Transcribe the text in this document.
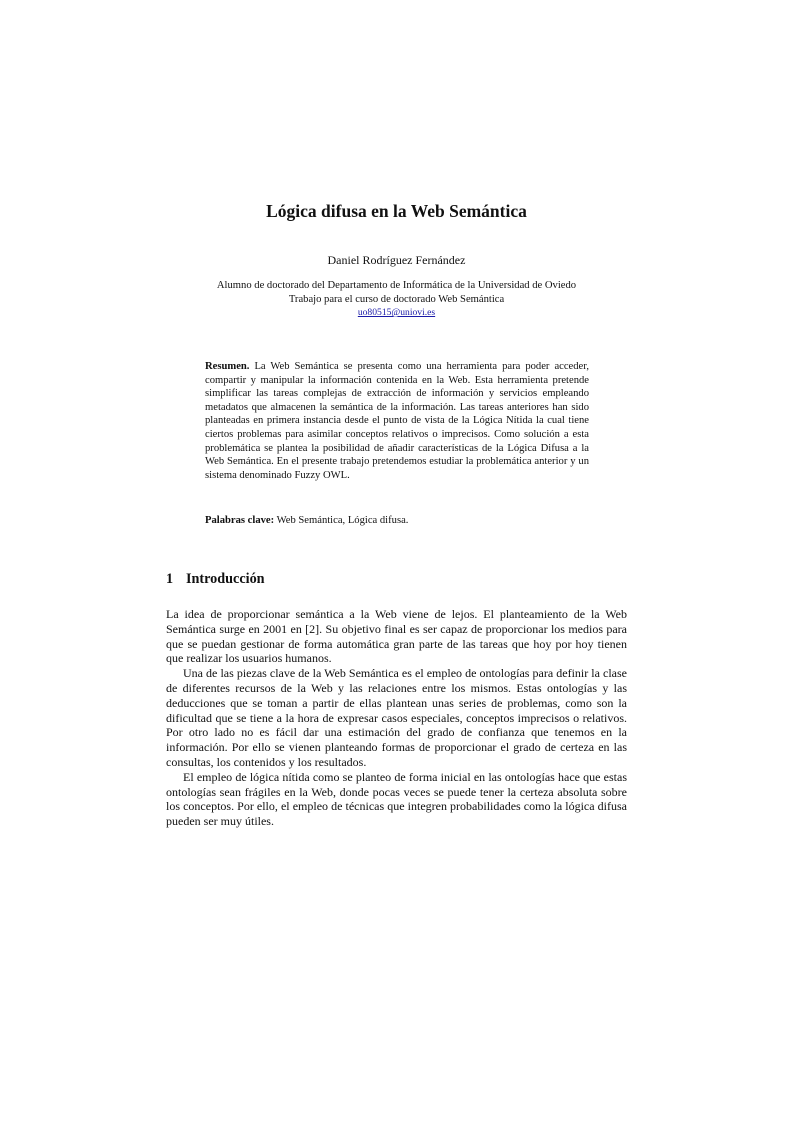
Lógica difusa en la Web Semántica
Daniel Rodríguez Fernández
Alumno de doctorado del Departamento de Informática de la Universidad de Oviedo
Trabajo para el curso de doctorado Web Semántica
uo80515@uniovi.es

Resumen. La Web Semántica se presenta como una herramienta para poder acceder, compartir y manipular la información contenida en la Web. Esta herramienta pretende simplificar las tareas complejas de extracción de información y servicios empleando metadatos que almacenen la semántica de la información. Las tareas anteriores han sido planteadas en primera instancia desde el punto de vista de la Lógica Nítida la cual tiene ciertos problemas para asimilar conceptos relativos o imprecisos. Como solución a esta problemática se plantea la posibilidad de añadir características de la Lógica Difusa a la Web Semántica. En el presente trabajo pretendemos estudiar la problemática anterior y un sistema denominado Fuzzy OWL.

Palabras clave: Web Semántica, Lógica difusa.

1 Introducción

La idea de proporcionar semántica a la Web viene de lejos. El planteamiento de la Web Semántica surge en 2001 en [2]. Su objetivo final es ser capaz de proporcionar los medios para que se puedan gestionar de forma automática gran parte de las tareas que hoy por hoy tienen que realizar los usuarios humanos.

Una de las piezas clave de la Web Semántica es el empleo de ontologías para definir la clase de diferentes recursos de la Web y las relaciones entre los mismos. Estas ontologías y las deducciones que se toman a partir de ellas plantean unas series de problemas, como son la dificultad que se tiene a la hora de expresar casos especiales, conceptos imprecisos o relativos. Por otro lado no es fácil dar una estimación del grado de confianza que tenemos en la información. Por ello se vienen planteando formas de proporcionar el grado de certeza en las consultas, los contenidos y los resultados.

El empleo de lógica nítida como se planteo de forma inicial en las ontologías hace que estas ontologías sean frágiles en la Web, donde pocas veces se puede tener la certeza absoluta sobre los conceptos. Por ello, el empleo de técnicas que integren probabilidades como la lógica difusa pueden ser muy útiles.
